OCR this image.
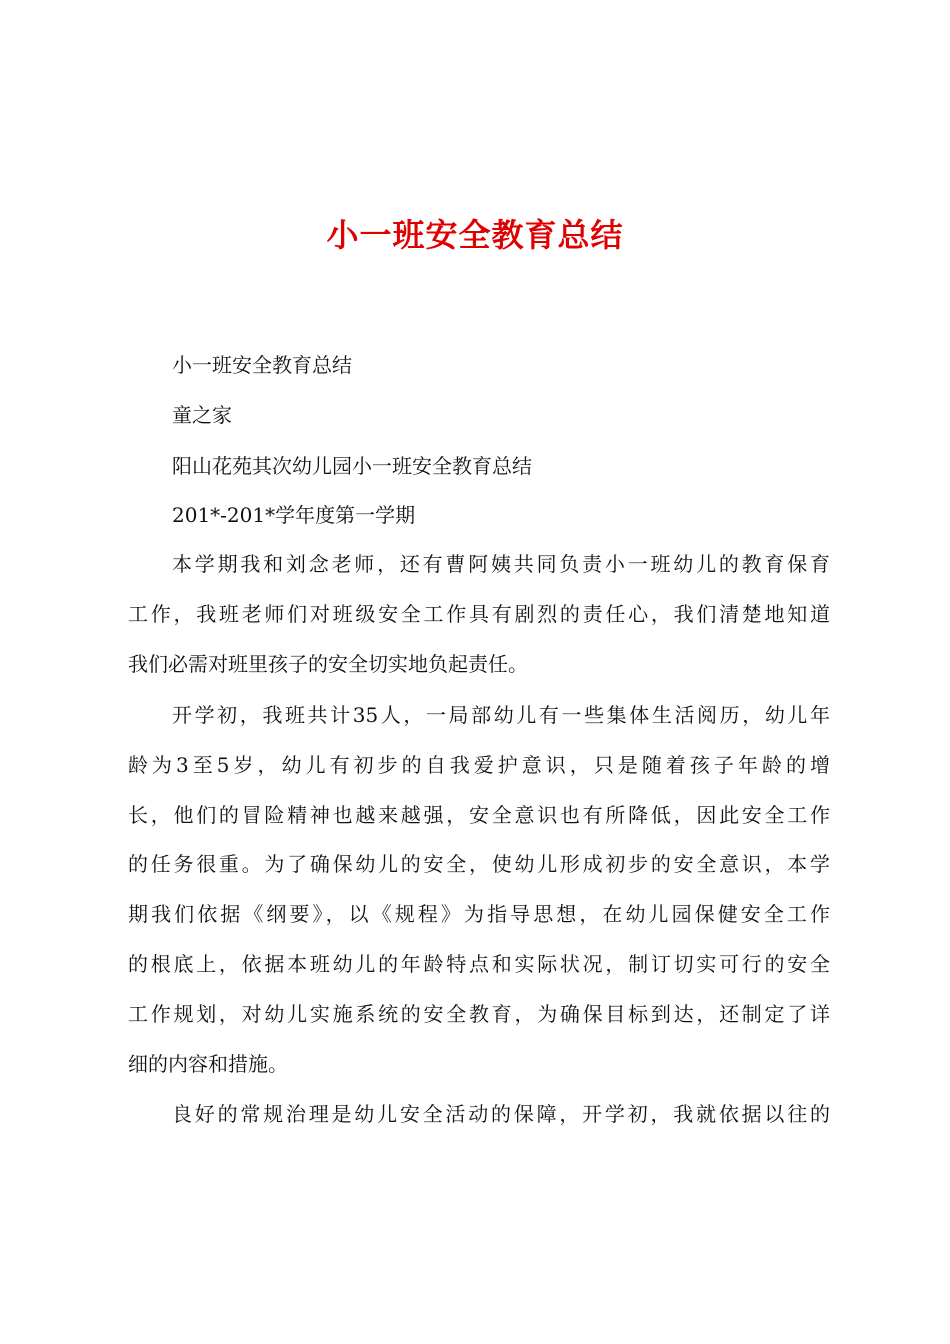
小一班安全教育总结
小一班安全教育总结
童之家
阳山花苑其次幼儿园小一班安全教育总结
201*-201*学年度第一学期
本学期我和刘念老师，还有曹阿姨共同负责小一班幼儿的教育保育
工作，我班老师们对班级安全工作具有剧烈的责任心，我们清楚地知道
我们必需对班里孩子的安全切实地负起责任。
开学初，我班共计35人，一局部幼儿有一些集体生活阅历，幼儿年
龄为3至5岁，幼儿有初步的自我爱护意识，只是随着孩子年龄的增
长，他们的冒险精神也越来越强，安全意识也有所降低，因此安全工作
的任务很重。为了确保幼儿的安全，使幼儿形成初步的安全意识，本学
期我们依据《纲要》，以《规程》为指导思想，在幼儿园保健安全工作
的根底上，依据本班幼儿的年龄特点和实际状况，制订切实可行的安全
工作规划，对幼儿实施系统的安全教育，为确保目标到达，还制定了详
细的内容和措施。
良好的常规治理是幼儿安全活动的保障，开学初，我就依据以往的
